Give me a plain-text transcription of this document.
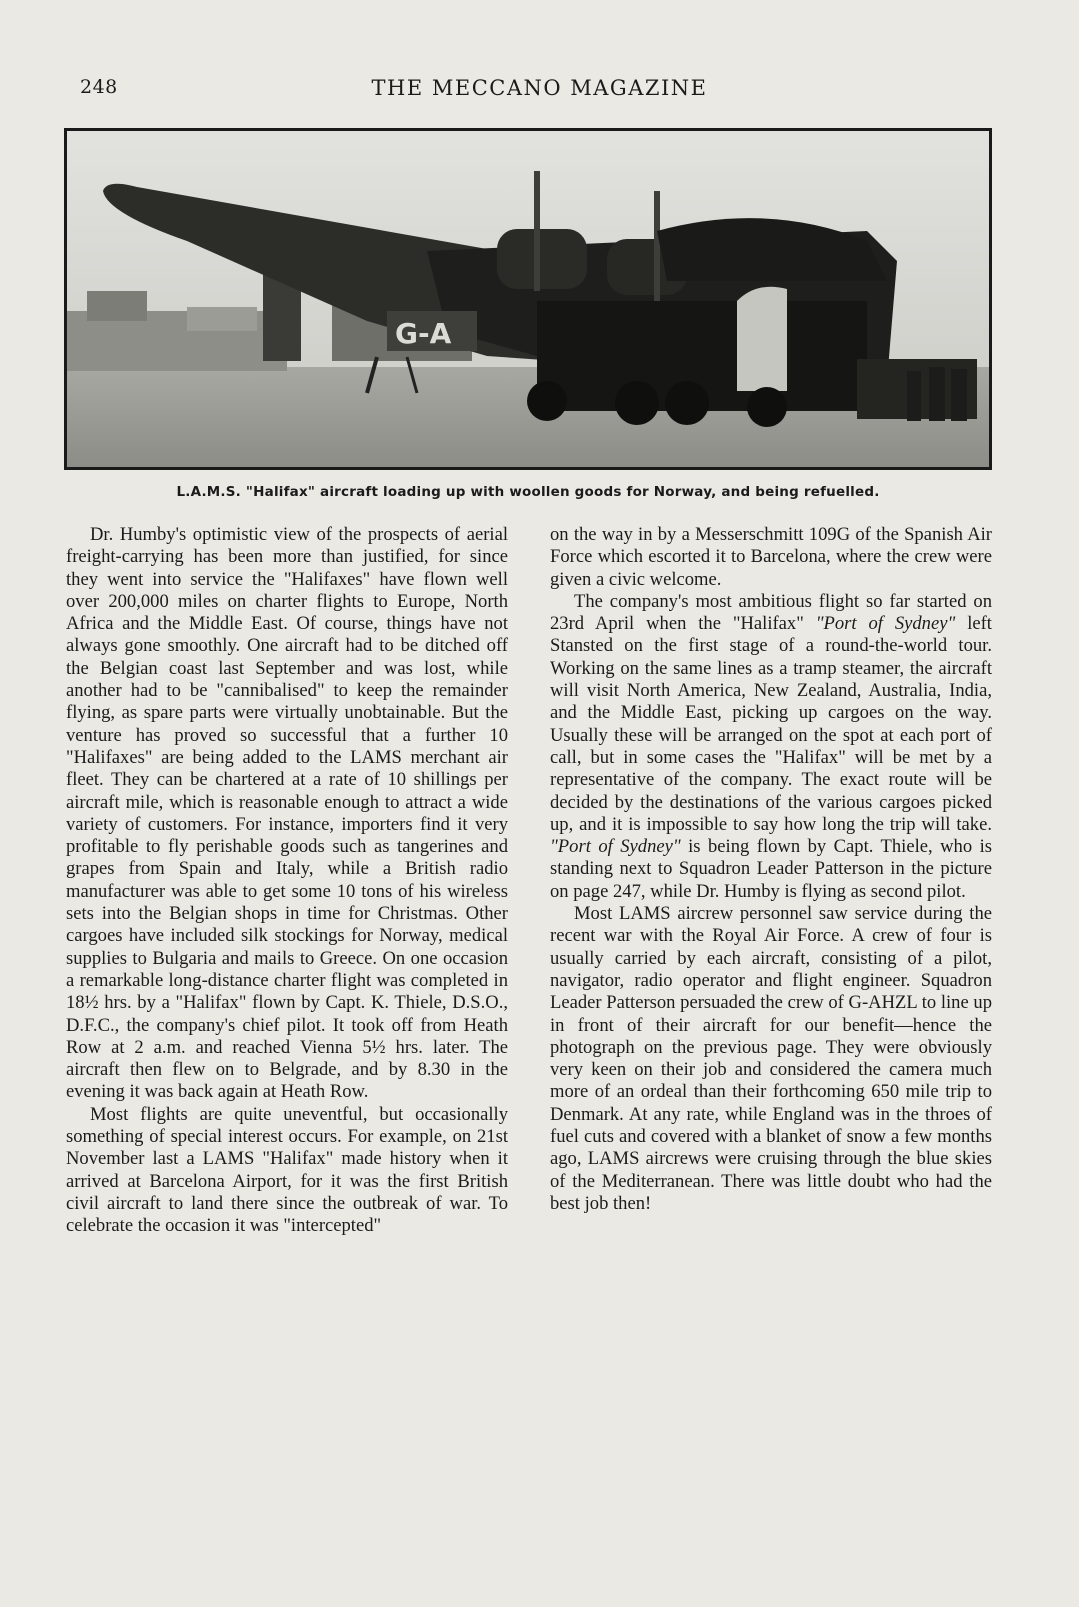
248	THE MECCANO MAGAZINE
G-A
L.A.M.S. "Halifax" aircraft loading up with woollen goods for Norway, and being refuelled.

Dr. Humby's optimistic view of the prospects of aerial freight-carrying has been more than justified, for since they went into service the "Halifaxes" have flown well over 200,000 miles on charter flights to Europe, North Africa and the Middle East. Of course, things have not always gone smoothly. One aircraft had to be ditched off the Belgian coast last September and was lost, while another had to be "cannibalised" to keep the remainder flying, as spare parts were virtually unobtainable. But the venture has proved so successful that a further 10 "Halifaxes" are being added to the LAMS merchant air fleet. They can be chartered at a rate of 10 shillings per aircraft mile, which is reasonable enough to attract a wide variety of customers. For instance, importers find it very profitable to fly perishable goods such as tangerines and grapes from Spain and Italy, while a British radio manufacturer was able to get some 10 tons of his wireless sets into the Belgian shops in time for Christmas. Other cargoes have included silk stockings for Norway, medical supplies to Bulgaria and mails to Greece. On one occasion a remarkable long-distance charter flight was completed in 18½ hrs. by a "Halifax" flown by Capt. K. Thiele, D.S.O., D.F.C., the company's chief pilot. It took off from Heath Row at 2 a.m. and reached Vienna 5½ hrs. later. The aircraft then flew on to Belgrade, and by 8.30 in the evening it was back again at Heath Row.

Most flights are quite uneventful, but occasionally something of special interest occurs. For example, on 21st November last a LAMS "Halifax" made history when it arrived at Barcelona Airport, for it was the first British civil aircraft to land there since the outbreak of war. To celebrate the occasion it was "intercepted"

on the way in by a Messerschmitt 109G of the Spanish Air Force which escorted it to Barcelona, where the crew were given a civic welcome.

The company's most ambitious flight so far started on 23rd April when the "Halifax" "Port of Sydney" left Stansted on the first stage of a round-the-world tour. Working on the same lines as a tramp steamer, the aircraft will visit North America, New Zealand, Australia, India, and the Middle East, picking up cargoes on the way. Usually these will be arranged on the spot at each port of call, but in some cases the "Halifax" will be met by a representative of the company. The exact route will be decided by the destinations of the various cargoes picked up, and it is impossible to say how long the trip will take. "Port of Sydney" is being flown by Capt. Thiele, who is standing next to Squadron Leader Patterson in the picture on page 247, while Dr. Humby is flying as second pilot.

Most LAMS aircrew personnel saw service during the recent war with the Royal Air Force. A crew of four is usually carried by each aircraft, consisting of a pilot, navigator, radio operator and flight engineer. Squadron Leader Patterson persuaded the crew of G-AHZL to line up in front of their aircraft for our benefit—hence the photograph on the previous page. They were obviously very keen on their job and considered the camera much more of an ordeal than their forthcoming 650 mile trip to Denmark. At any rate, while England was in the throes of fuel cuts and covered with a blanket of snow a few months ago, LAMS aircrews were cruising through the blue skies of the Mediterranean. There was little doubt who had the best job then!
